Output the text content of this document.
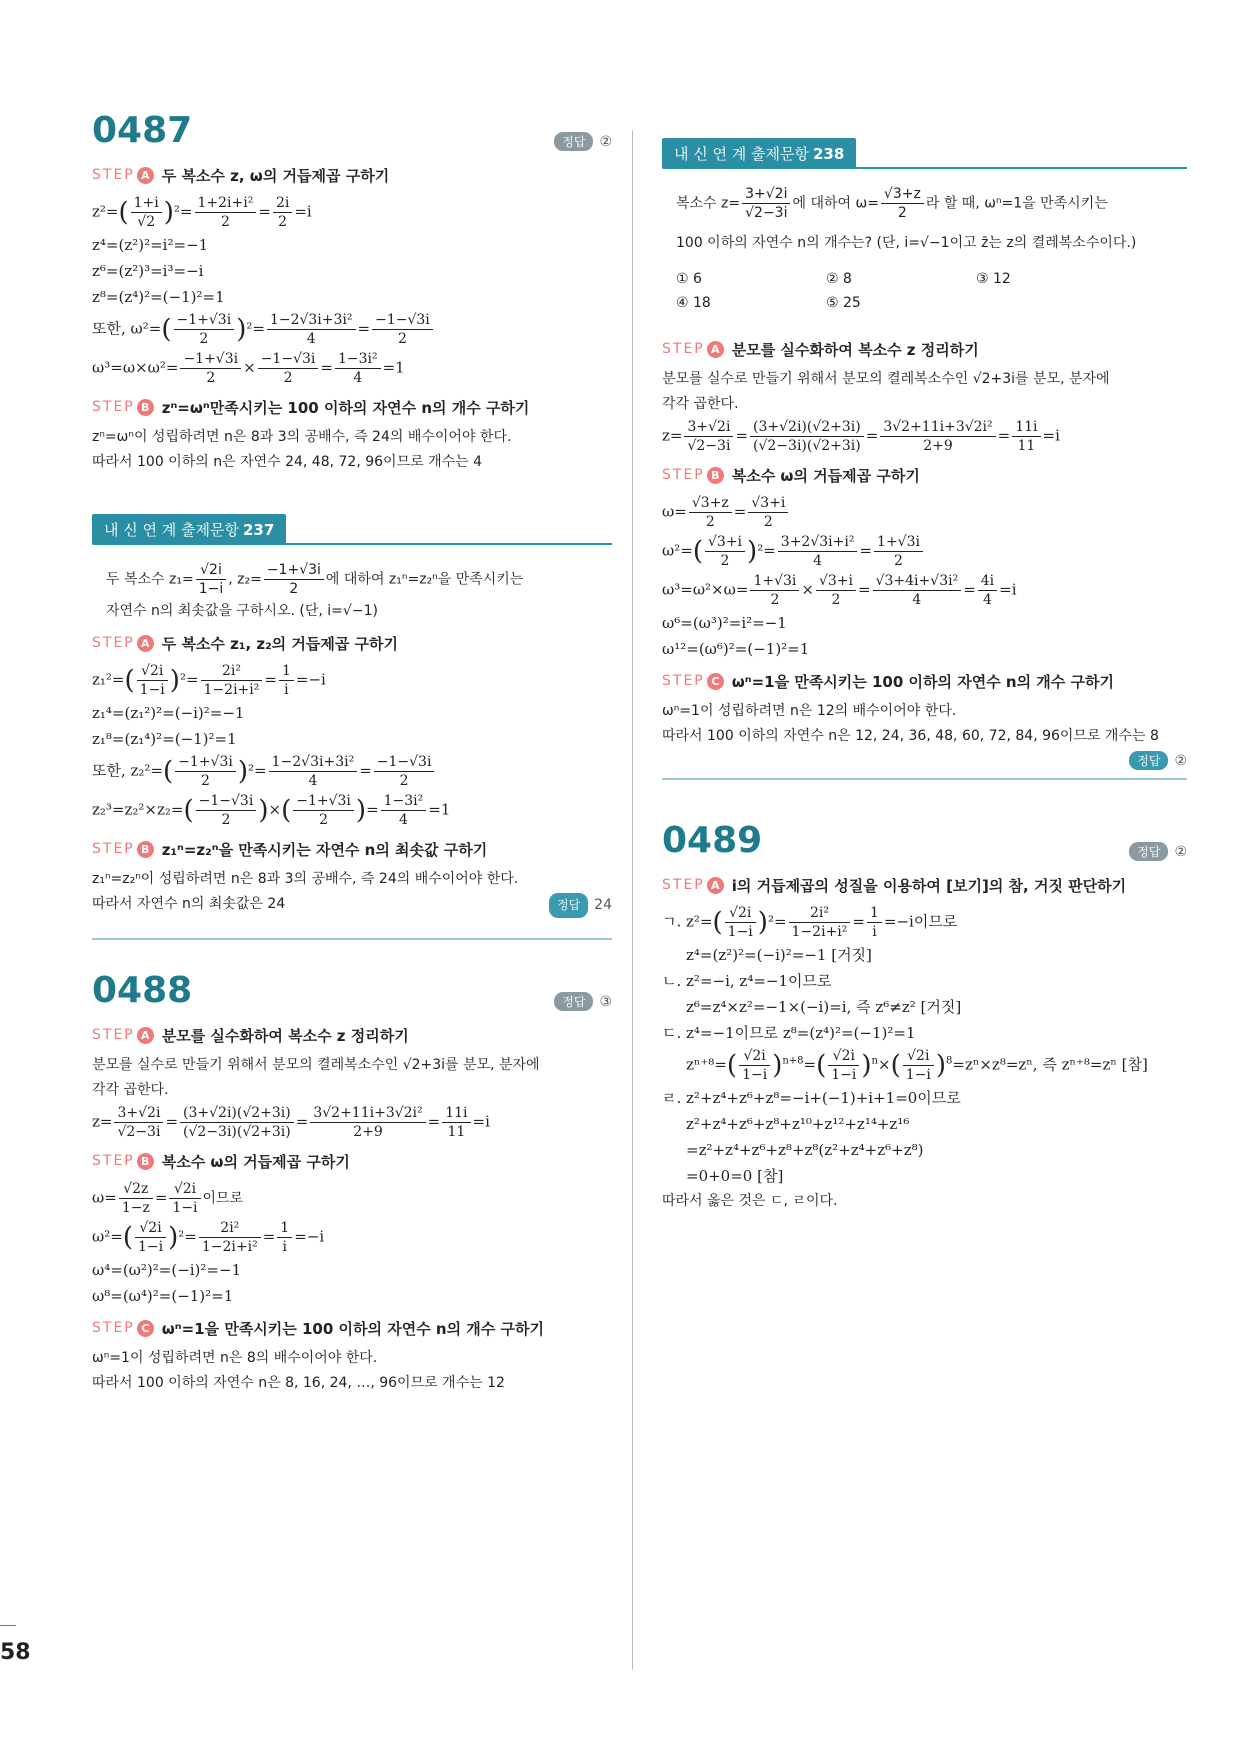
58
0487	정답	②
STEP A 두 복소수 z, ω의 거듭제곱 구하기
$z^2=( \frac{1+i}{√2} )^2= \frac{\text{1+2i+i²}}{2} = \frac{2i}{2} =i$
z⁴=(z²)²=i²=−1
z⁶=(z²)³=i³=−i
z⁸=(z⁴)²=(−1)²=1
또한, $\omega^2=( \frac{-1+√3i}{2} )^2= \frac{\text{1−2√3i+3i²}}{4} = \frac{-1-√3i}{2}$
$\omega^3=\omega\times\omega^2= \frac{-1+√3i}{2} \times \frac{-1-√3i}{2} = \frac{\text{1−3i²}}{4} =1$
STEP B zⁿ=ωⁿ만족시키는 100 이하의 자연수 n의 개수 구하기
zⁿ=ωⁿ이 성립하려면 n은 8과 3의 공배수, 즉 24의 배수이어야 한다.
따라서 100 이하의 n은 자연수 24, 48, 72, 96이므로 개수는 4
내 신 연 계 출제문항 237
두 복소수 $z_1= \frac{√2i}{1-i}$ , $z_2= \frac{-1+√3i}{2}$ 에 대하여 z₁ⁿ=z₂ⁿ을 만족시키는
자연수 n의 최솟값을 구하시오. (단, i=√−1)
STEP A 두 복소수 z₁, z₂의 거듭제곱 구하기
$z_1^2=( \frac{√2i}{1-i} )^2= \frac{\text{2i²}}{\text{1−2i+i²}} = \frac{1}{i} =-i$
z₁⁴=(z₁²)²=(−i)²=−1
z₁⁸=(z₁⁴)²=(−1)²=1
또한, $z_2^2=( \frac{-1+√3i}{2} )^2= \frac{\text{1−2√3i+3i²}}{4} = \frac{-1-√3i}{2}$
$z_2^3=z_2^2\times z_2=( \frac{-1-√3i}{2}$ )×( $\frac{-1+√3i}{2}$ )= $\frac{\text{1−3i²}}{4} =1$
STEP B z₁ⁿ=z₂ⁿ을 만족시키는 자연수 n의 최솟값 구하기
z₁ⁿ=z₂ⁿ이 성립하려면 n은 8과 3의 공배수, 즉 24의 배수이어야 한다.
따라서 자연수 n의 최솟값은 24	정답	24
0488	정답	③
STEP A 분모를 실수화하여 복소수 z 정리하기
분모를 실수로 만들기 위해서 분모의 켤레복소수인 √2+3i를 분모, 분자에
각각 곱한다.
$z= \frac{3+√2i}{√2-3i} = \frac{(3+√2i)(√2+3i)}{(√2-3i)(√2+3i)} = \frac{\text{3√2+11i+3√2i²}}{2+9} = \frac{11i}{11} =i$
STEP B 복소수 ω의 거듭제곱 구하기
$\omega= \frac{√2z}{1-z} = \frac{√2i}{1-i}$ 이므로
$\omega^2=( \frac{√2i}{1-i} )^2= \frac{\text{2i²}}{\text{1−2i+i²}} = \frac{1}{i} =-i$
ω⁴=(ω²)²=(−i)²=−1
ω⁸=(ω⁴)²=(−1)²=1
STEP C ωⁿ=1을 만족시키는 100 이하의 자연수 n의 개수 구하기
ωⁿ=1이 성립하려면 n은 8의 배수이어야 한다.
따라서 100 이하의 자연수 n은 8, 16, 24, …, 96이므로 개수는 12
내 신 연 계 출제문항 238
복소수 $z= \frac{3+√2i}{√2-3i}$ 에 대하여 $\omega= \frac{√3+z}{2}$ 라 할 때, ωⁿ=1을 만족시키는
100 이하의 자연수 n의 개수는? (단, i=√−1이고 z̄는 z의 켤레복소수이다.)
① 6	② 8	③ 12
④ 18	⑤ 25
STEP A 분모를 실수화하여 복소수 z 정리하기
분모를 실수로 만들기 위해서 분모의 켤레복소수인 √2+3i를 분모, 분자에
각각 곱한다.
$z= \frac{3+√2i}{√2-3i} = \frac{(3+√2i)(√2+3i)}{(√2-3i)(√2+3i)} = \frac{\text{3√2+11i+3√2i²}}{2+9} = \frac{11i}{11} =i$
STEP B 복소수 ω의 거듭제곱 구하기
$\omega= \frac{√3+z}{2} = \frac{√3+i}{2}$
$\omega^2=( \frac{√3+i}{2} )^2= \frac{\text{3+2√3i+i²}}{4} = \frac{1+√3i}{2}$
$\omega^3=\omega^2\times\omega= \frac{1+√3i}{2} \times \frac{√3+i}{2} = \frac{\text{√3+4i+√3i²}}{4} = \frac{4i}{4} =i$
ω⁶=(ω³)²=i²=−1
ω¹²=(ω⁶)²=(−1)²=1
STEP C ωⁿ=1을 만족시키는 100 이하의 자연수 n의 개수 구하기
ωⁿ=1이 성립하려면 n은 12의 배수이어야 한다.
따라서 100 이하의 자연수 n은 12, 24, 36, 48, 60, 72, 84, 96이므로 개수는 8
정답	②
0489	정답	②
STEP A i의 거듭제곱의 성질을 이용하여 [보기]의 참, 거짓 판단하기
ㄱ. $z^2=( \frac{√2i}{1-i} )^2= \frac{\text{2i²}}{\text{1−2i+i²}} = \frac{1}{i} =-i$이므로
z⁴=(z²)²=(−i)²=−1 [거짓]
ㄴ. z²=−i, z⁴=−1이므로
z⁶=z⁴×z²=−1×(−i)=i, 즉 z⁶≠z² [거짓]
ㄷ. z⁴=−1이므로 z⁸=(z⁴)²=(−1)²=1
$z^{n+8}=( \frac{√2i}{1-i} )^{n+8}=( \frac{√2i}{1-i} )^n\times( \frac{√2i}{1-i} )^8=z^n\times z^8=z^n$, 즉 zⁿ⁺⁸=zⁿ [참]
ㄹ. z²+z⁴+z⁶+z⁸=−i+(−1)+i+1=0이므로
z²+z⁴+z⁶+z⁸+z¹⁰+z¹²+z¹⁴+z¹⁶
=z²+z⁴+z⁶+z⁸+z⁸(z²+z⁴+z⁶+z⁸)
=0+0=0 [참]
따라서 옳은 것은 ㄷ, ㄹ이다.
